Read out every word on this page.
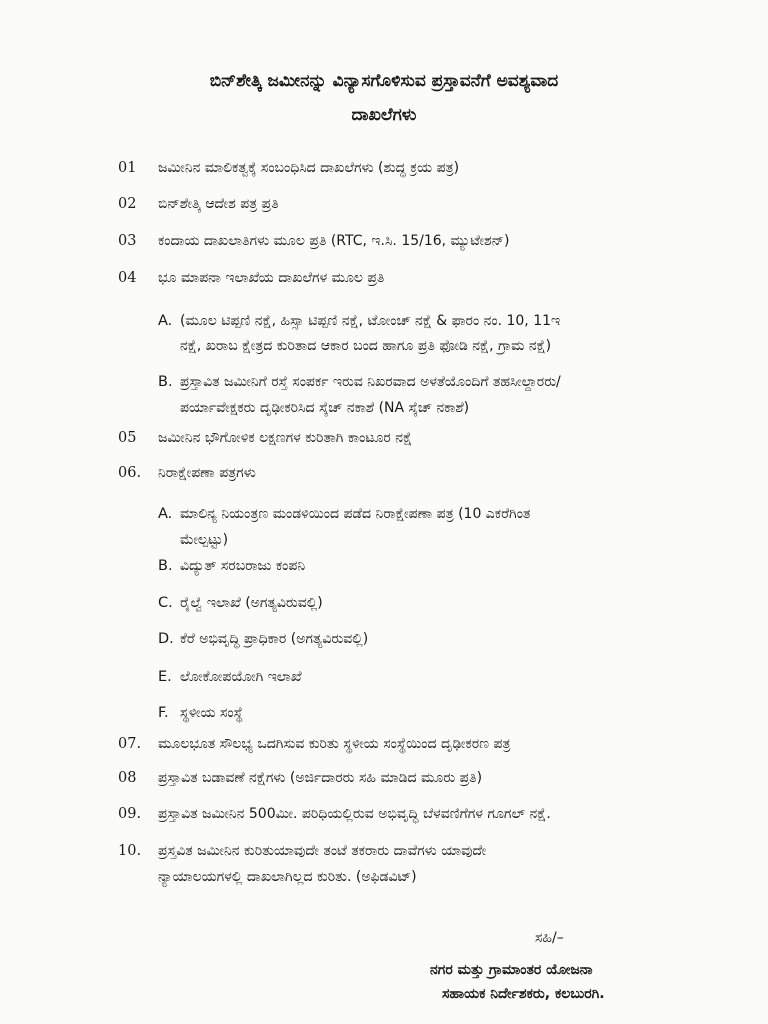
ಬಿನ್‌ಶೇತ್ಕಿ ಜಮೀನನ್ನು ವಿನ್ಯಾಸಗೊಳಿಸುವ ಪ್ರಸ್ತಾವನೆಗೆ ಅವಶ್ಯವಾದ
ದಾಖಲೆಗಳು
01 ಜಮೀನಿನ ಮಾಲಿಕತ್ವಕ್ಕೆ ಸಂಬಂಧಿಸಿದ ದಾಖಲೆಗಳು (ಶುದ್ಧ ಕ್ರಯ ಪತ್ರ)
02 ಬಿನ್‌ಶೇತ್ಕಿ ಆದೇಶ ಪತ್ರ ಪ್ರತಿ
03 ಕಂದಾಯ ದಾಖಲಾತಿಗಳು ಮೂಲ ಪ್ರತಿ (RTC, ಇ.ಸಿ. 15/16, ಮ್ಯುಟೇಶನ್)
04 ಭೂ ಮಾಪನಾ ಇಲಾಖೆಯ ದಾಖಲೆಗಳ ಮೂಲ ಪ್ರತಿ
A. (ಮೂಲ ಟಿಪ್ಪಣಿ ನಕ್ಷೆ, ಹಿಸ್ಸಾ ಟಿಪ್ಪಣಿ ನಕ್ಷೆ, ಟೋಂಚ್ ನಕ್ಷೆ & ಫಾರಂ ನಂ. 10, 11ಇ
ನಕ್ಷೆ, ಖರಾಬ ಕ್ಷೇತ್ರದ ಕುರಿತಾದ ಆಕಾರ ಬಂದ ಹಾಗೂ ಪ್ರತಿ ಫೋಡಿ ನಕ್ಷೆ, ಗ್ರಾಮ ನಕ್ಷೆ)
B. ಪ್ರಸ್ತಾವಿತ ಜಮೀನಿಗೆ ರಸ್ತೆ ಸಂಪರ್ಕ ಇರುವ ನಿಖರವಾದ ಅಳತೆಯೊಂದಿಗೆ ತಹಸೀಲ್ದಾರರು/
ಪರ್ಯಾವೇಕ್ಷಕರು ದೃಢೀಕರಿಸಿದ ಸ್ಕೆಚ್ ನಕಾಶೆ (NA ಸ್ಕೆಚ್ ನಕಾಶೆ)
05 ಜಮೀನಿನ ಭೌಗೋಳಿಕ ಲಕ್ಷಣಗಳ ಕುರಿತಾಗಿ ಕಾಂಟೂರ ನಕ್ಷೆ
06. ನಿರಾಕ್ಷೇಪಣಾ ಪತ್ರಗಳು
A. ಮಾಲಿನ್ಯ ನಿಯಂತ್ರಣ ಮಂಡಳಿಯಿಂದ ಪಡೆದ ನಿರಾಕ್ಷೇಪಣಾ ಪತ್ರ (10 ಎಕರೆಗಿಂತ
ಮೇಲ್ಪಟ್ಟು)
B. ವಿದ್ಯುತ್ ಸರಬರಾಜು ಕಂಪನಿ
C. ರೈಲ್ವೆ ಇಲಾಖೆ (ಅಗತ್ಯವಿರುವಲ್ಲಿ)
D. ಕೆರೆ ಅಭಿವೃದ್ಧಿ ಪ್ರಾಧಿಕಾರ (ಅಗತ್ಯವಿರುವಲ್ಲಿ)
E. ಲೋಕೋಪಯೋಗಿ ಇಲಾಖೆ
F. ಸ್ಥಳೀಯ ಸಂಸ್ಥೆ
07. ಮೂಲಭೂತ ಸೌಲಭ್ಯ ಒದಗಿಸುವ ಕುರಿತು ಸ್ಥಳೀಯ ಸಂಸ್ಥೆಯಿಂದ ದೃಢೀಕರಣ ಪತ್ರ
08 ಪ್ರಸ್ತಾವಿತ ಬಡಾವಣೆ ನಕ್ಷೆಗಳು (ಅರ್ಜಿದಾರರು ಸಹಿ ಮಾಡಿದ ಮೂರು ಪ್ರತಿ)
09. ಪ್ರಸ್ತಾವಿತ ಜಮೀನಿನ 500ಮೀ. ಪರಿಧಿಯಲ್ಲಿರುವ ಅಭಿವೃದ್ಧಿ ಬೆಳವಣಿಗೆಗಳ ಗೂಗಲ್ ನಕ್ಷೆ.
10. ಪ್ರಸ್ತವಿತ ಜಮೀನಿನ ಕುರಿತುಯಾವುದೇ ತಂಟೆ ತಕರಾರು ದಾವೆಗಳು ಯಾವುದೇ
ನ್ಯಾಯಾಲಯಗಳಲ್ಲಿ ದಾಖಲಾಗಿಲ್ಲದ ಕುರಿತು. (ಅಫಿಡವಿಟ್)
ಸಹಿ/–
ನಗರ ಮತ್ತು ಗ್ರಾಮಾಂತರ ಯೋಜನಾ
ಸಹಾಯಕ ನಿರ್ದೇಶಕರು, ಕಲಬುರಗಿ.
